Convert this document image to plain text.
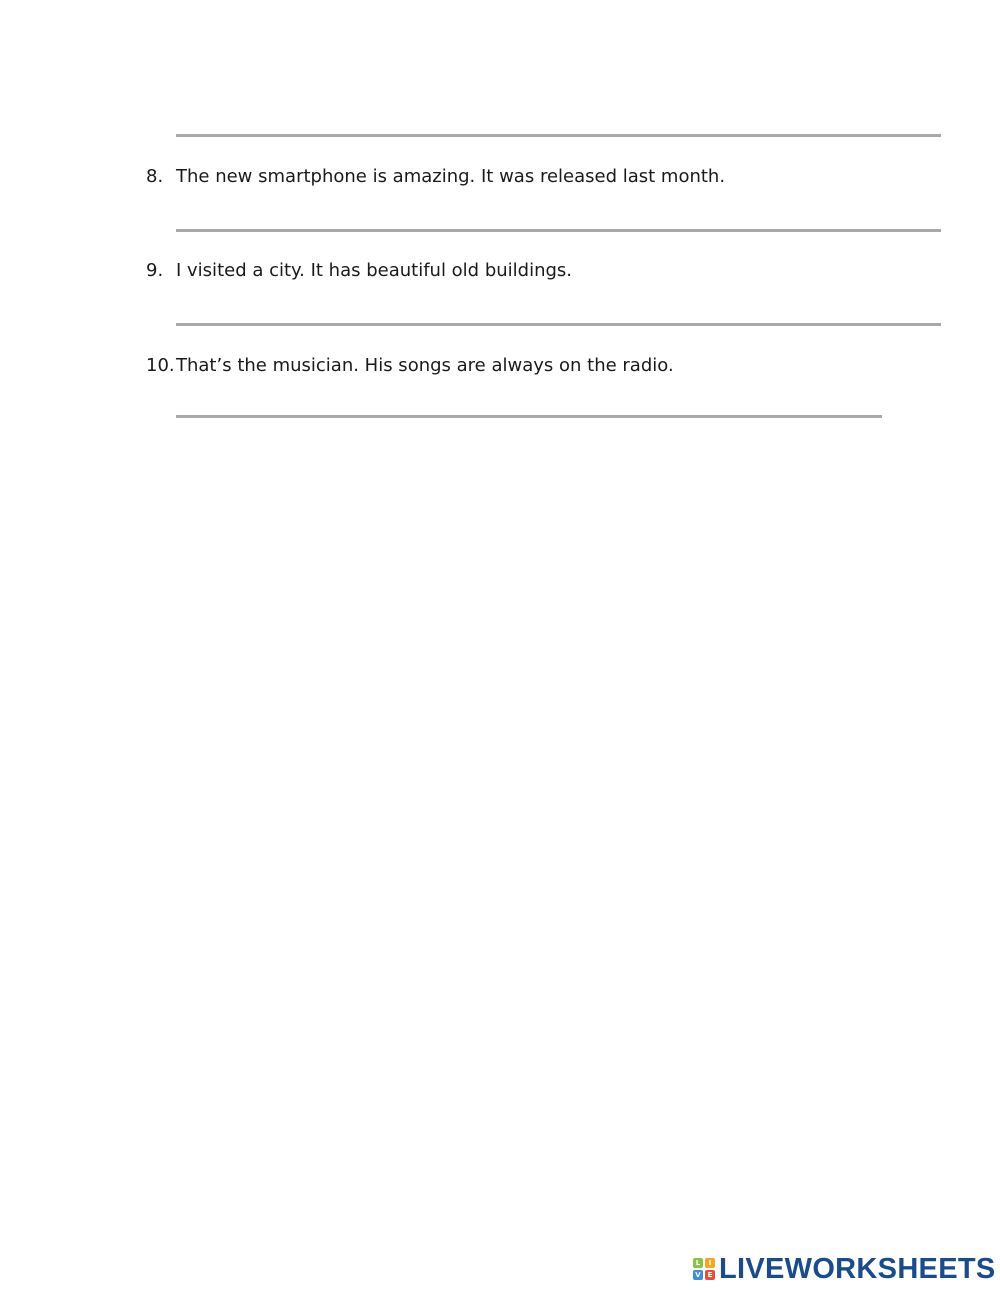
8. The new smartphone is amazing. It was released last month.
9. I visited a city. It has beautiful old buildings.
10.That’s the musician. His songs are always on the radio.
L	I
V E LIVEWORKSHEETS
